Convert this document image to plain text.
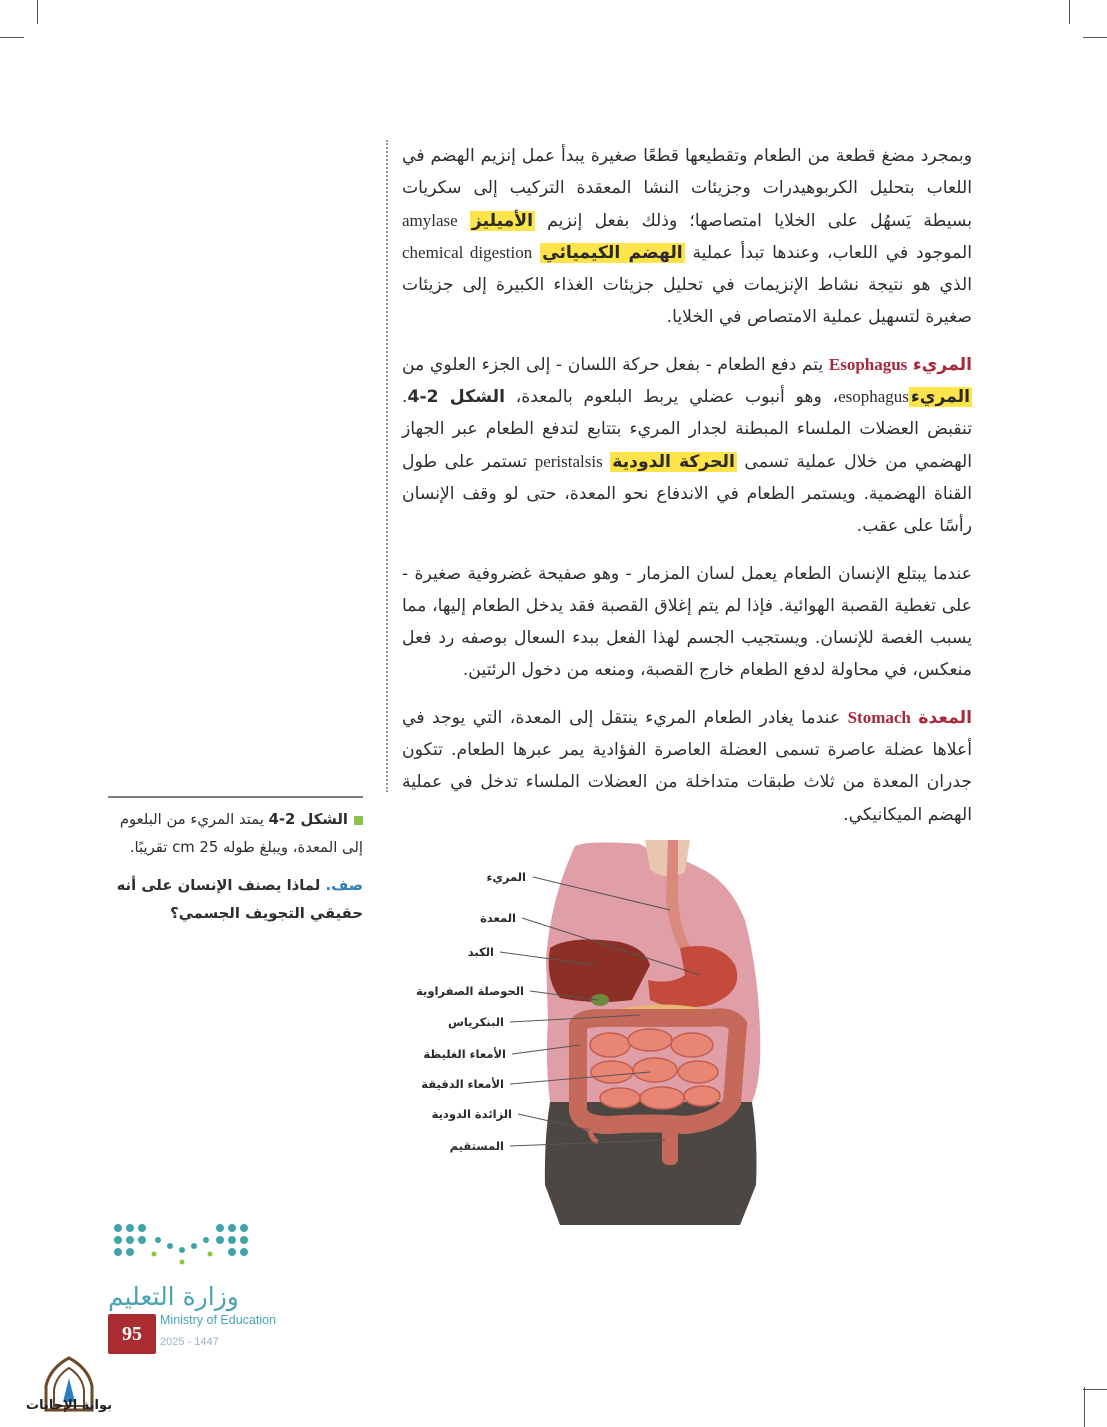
وبمجرد مضغ قطعة من الطعام وتقطيعها قطعًا صغيرة يبدأ عمل إنزيم الهضم في اللعاب بتحليل الكربوهيدرات وجزيئات النشا المعقدة التركيب إلى سكريات بسيطة يَسهُل على الخلايا امتصاصها؛ وذلك بفعل إنزيم الأميليز amylase الموجود في اللعاب، وعندها تبدأ عملية الهضم الكيميائي chemical digestion الذي هو نتيجة نشاط الإنزيمات في تحليل جزيئات الغذاء الكبيرة إلى جزيئات صغيرة لتسهيل عملية الامتصاص في الخلايا.

المريء Esophagus يتم دفع الطعام - بفعل حركة اللسان - إلى الجزء العلوي من المريءesophagus، وهو أنبوب عضلي يربط البلعوم بالمعدة، الشكل 2-4. تنقبض العضلات الملساء المبطنة لجدار المريء بتتابع لتدفع الطعام عبر الجهاز الهضمي من خلال عملية تسمى الحركة الدودية peristalsis تستمر على طول القناة الهضمية. ويستمر الطعام في الاندفاع نحو المعدة، حتى لو وقف الإنسان رأسًا على عقب.

عندما يبتلع الإنسان الطعام يعمل لسان المزمار - وهو صفيحة غضروفية صغيرة - على تغطية القصبة الهوائية. فإذا لم يتم إغلاق القصبة فقد يدخل الطعام إليها، مما يسبب الغصة للإنسان. ويستجيب الجسم لهذا الفعل ببدء السعال بوصفه رد فعل منعكس، في محاولة لدفع الطعام خارج القصبة، ومنعه من دخول الرئتين.

المعدة Stomach عندما يغادر الطعام المريء ينتقل إلى المعدة، التي يوجد في أعلاها عضلة عاصرة تسمى العضلة العاصرة الفؤادية يمر عبرها الطعام. تتكون جدران المعدة من ثلاث طبقات متداخلة من العضلات الملساء تدخل في عملية الهضم الميكانيكي.

الشكل 2-4 يمتد المريء من البلعوم إلى المعدة، ويبلغ طوله 25 cm تقريبًا.
صف. لماذا يصنف الإنسان على أنه حقيقي التجويف الجسمي؟
المريء
المعدة
الكبد
الحوصلة الصفراوية
البنكرياس
الأمعاء الغليظة
الأمعاء الدقيقة
الزائدة الدودية
المستقيم
وزارة التعليم
Ministry of Education
2025 - 1447
95
بوابة الإجابات
